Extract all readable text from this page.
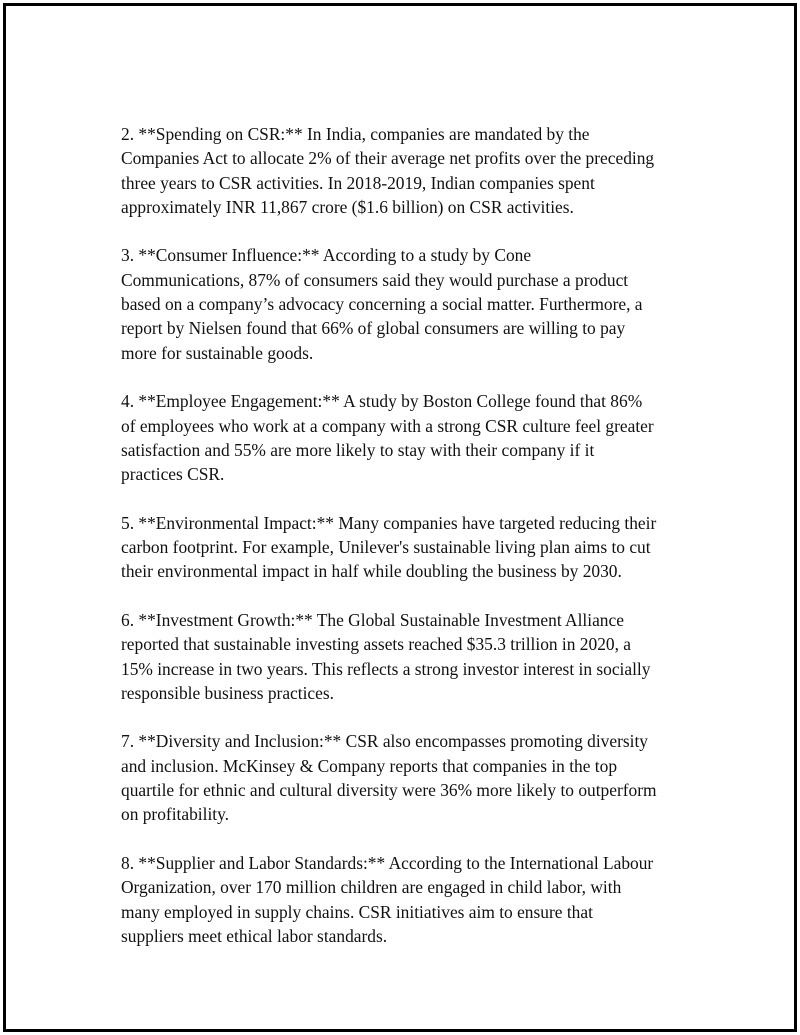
2. **Spending on CSR:** In India, companies are mandated by the
Companies Act to allocate 2% of their average net profits over the preceding
three years to CSR activities. In 2018-2019, Indian companies spent
approximately INR 11,867 crore ($1.6 billion) on CSR activities.

3. **Consumer Influence:** According to a study by Cone
Communications, 87% of consumers said they would purchase a product
based on a company’s advocacy concerning a social matter. Furthermore, a
report by Nielsen found that 66% of global consumers are willing to pay
more for sustainable goods.

4. **Employee Engagement:** A study by Boston College found that 86%
of employees who work at a company with a strong CSR culture feel greater
satisfaction and 55% are more likely to stay with their company if it
practices CSR.

5. **Environmental Impact:** Many companies have targeted reducing their
carbon footprint. For example, Unilever's sustainable living plan aims to cut
their environmental impact in half while doubling the business by 2030.

6. **Investment Growth:** The Global Sustainable Investment Alliance
reported that sustainable investing assets reached $35.3 trillion in 2020, a
15% increase in two years. This reflects a strong investor interest in socially
responsible business practices.

7. **Diversity and Inclusion:** CSR also encompasses promoting diversity
and inclusion. McKinsey & Company reports that companies in the top
quartile for ethnic and cultural diversity were 36% more likely to outperform
on profitability.

8. **Supplier and Labor Standards:** According to the International Labour
Organization, over 170 million children are engaged in child labor, with
many employed in supply chains. CSR initiatives aim to ensure that
suppliers meet ethical labor standards.
